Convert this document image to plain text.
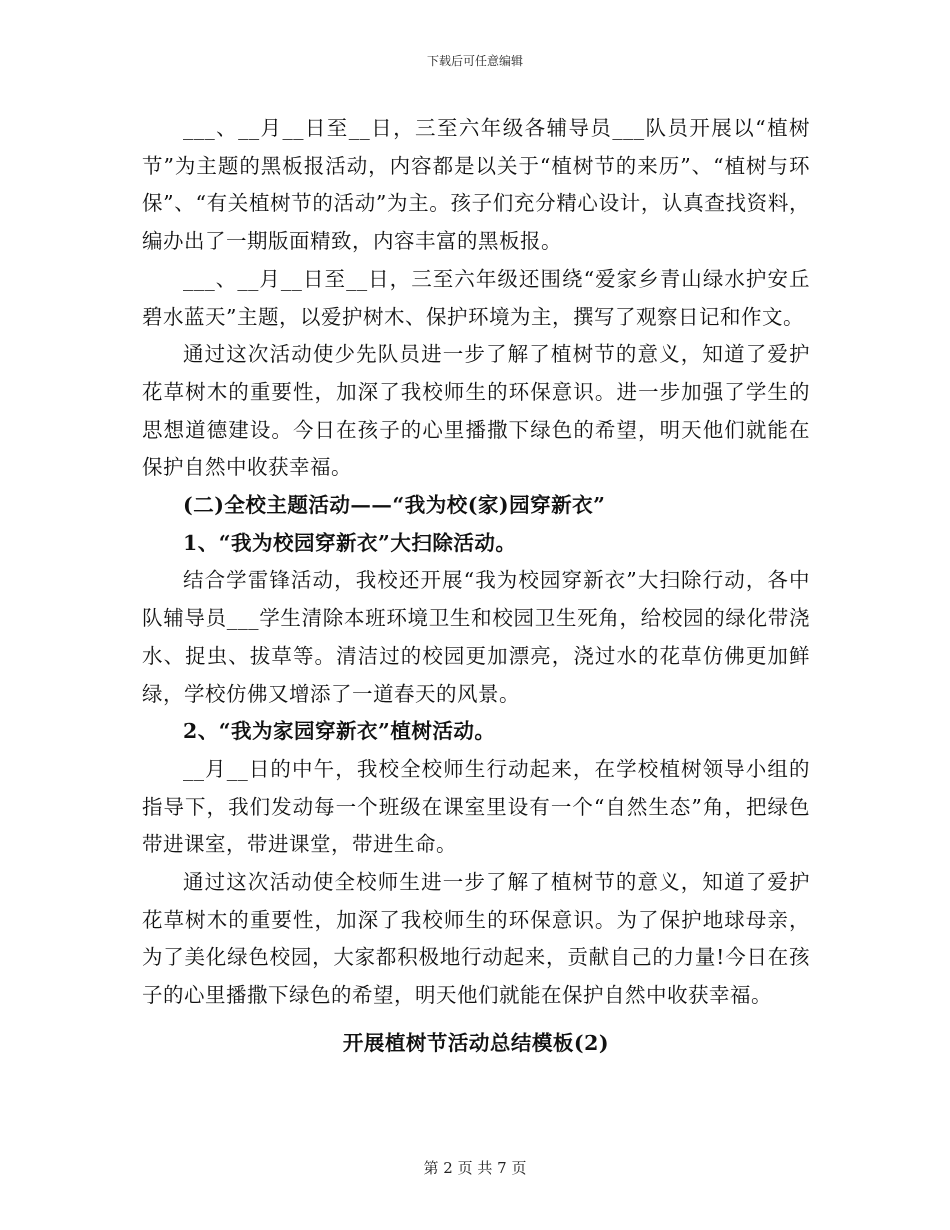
下载后可任意编辑

___、__月__日至__日，三至六年级各辅导员___队员开展以“植树节”为主题的黑板报活动，内容都是以关于“植树节的来历”、“植树与环保”、“有关植树节的活动”为主。孩子们充分精心设计，认真查找资料，编办出了一期版面精致，内容丰富的黑板报。

___、__月__日至__日，三至六年级还围绕“爱家乡青山绿水护安丘碧水蓝天”主题，以爱护树木、保护环境为主，撰写了观察日记和作文。

通过这次活动使少先队员进一步了解了植树节的意义，知道了爱护花草树木的重要性，加深了我校师生的环保意识。进一步加强了学生的思想道德建设。今日在孩子的心里播撒下绿色的希望，明天他们就能在保护自然中收获幸福。

(二)全校主题活动——“我为校(家)园穿新衣”

1、“我为校园穿新衣”大扫除活动。

结合学雷锋活动，我校还开展“我为校园穿新衣”大扫除行动，各中队辅导员___学生清除本班环境卫生和校园卫生死角，给校园的绿化带浇水、捉虫、拔草等。清洁过的校园更加漂亮，浇过水的花草仿佛更加鲜绿，学校仿佛又增添了一道春天的风景。

2、“我为家园穿新衣”植树活动。

__月__日的中午，我校全校师生行动起来，在学校植树领导小组的指导下，我们发动每一个班级在课室里设有一个“自然生态”角，把绿色带进课室，带进课堂，带进生命。

通过这次活动使全校师生进一步了解了植树节的意义，知道了爱护花草树木的重要性，加深了我校师生的环保意识。为了保护地球母亲，为了美化绿色校园，大家都积极地行动起来，贡献自己的力量!今日在孩子的心里播撒下绿色的希望，明天他们就能在保护自然中收获幸福。

开展植树节活动总结模板(2)

第 2 页 共 7 页
